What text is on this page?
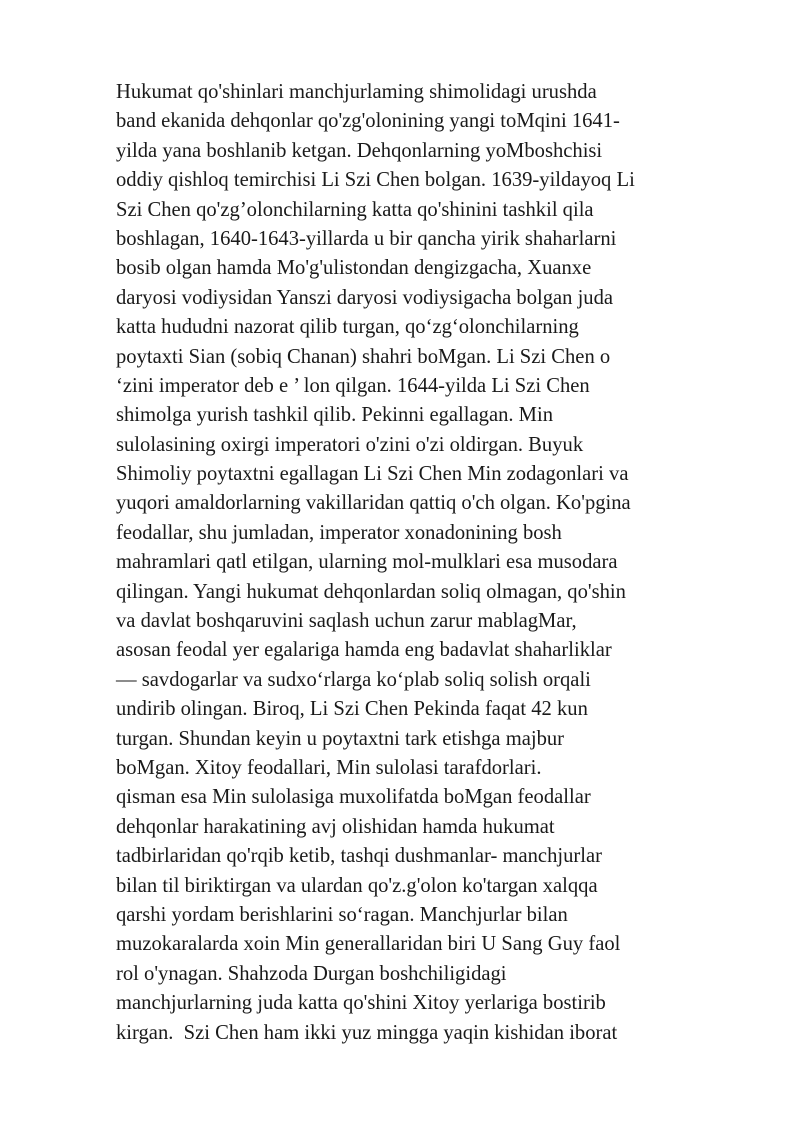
Hukumat qo'shinlari manchjurlaming shimolidagi urushda
band ekanida dehqonlar qo'zg'olonining yangi toMqini 1641-
yilda yana boshlanib ketgan. Dehqonlarning yoMboshchisi
oddiy qishloq temirchisi Li Szi Chen bolgan. 1639-yildayoq Li
Szi Chen qo'zg’olonchilarning katta qo'shinini tashkil qila
boshlagan, 1640-1643-yillarda u bir qancha yirik shaharlarni
bosib olgan hamda Mo'g'ulistondan dengizgacha, Xuanxe
daryosi vodiysidan Yanszi daryosi vodiysigacha bolgan juda
katta hududni nazorat qilib turgan, qo‘zg‘olonchilarning
poytaxti Sian (sobiq Chanan) shahri boMgan. Li Szi Chen o
‘zini imperator deb e ’ lon qilgan. 1644-yilda Li Szi Chen
shimolga yurish tashkil qilib. Pekinni egallagan. Min
sulolasining oxirgi imperatori o'zini o'zi oldirgan. Buyuk
Shimoliy poytaxtni egallagan Li Szi Chen Min zodagonlari va
yuqori amaldorlarning vakillaridan qattiq o'ch olgan. Ko'pgina
feodallar, shu jumladan, imperator xonadonining bosh
mahramlari qatl etilgan, ularning mol-mulklari esa musodara
qilingan. Yangi hukumat dehqonlardan soliq olmagan, qo'shin
va davlat boshqaruvini saqlash uchun zarur mablagMar,
asosan feodal yer egalariga hamda eng badavlat shaharliklar
— savdogarlar va sudxo‘rlarga ko‘plab soliq solish orqali
undirib olingan. Biroq, Li Szi Chen Pekinda faqat 42 kun
turgan. Shundan keyin u poytaxtni tark etishga majbur
boMgan. Xitoy feodallari, Min sulolasi tarafdorlari.
qisman esa Min sulolasiga muxolifatda boMgan feodallar
dehqonlar harakatining avj olishidan hamda hukumat
tadbirlaridan qo'rqib ketib, tashqi dushmanlar- manchjurlar
bilan til biriktirgan va ulardan qo'z.g'olon ko'targan xalqqa
qarshi yordam berishlarini so‘ragan. Manchjurlar bilan
muzokaralarda xoin Min generallaridan biri U Sang Guy faol
rol o'ynagan. Shahzoda Durgan boshchiligidagi
manchjurlarning juda katta qo'shini Xitoy yerlariga bostirib
kirgan.  Szi Chen ham ikki yuz mingga yaqin kishidan iborat
